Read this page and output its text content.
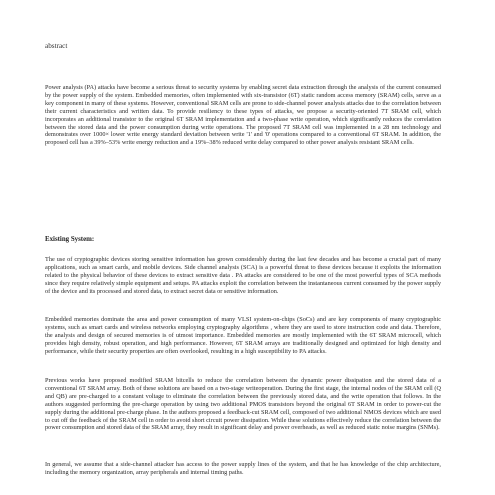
abstract

Power analysis (PA) attacks have become a serious threat to security systems by enabling secret data extraction through the analysis of the current consumed by the power supply of the system. Embedded memories, often implemented with six-transistor (6T) static random access memory (SRAM) cells, serve as a key component in many of these systems. However, conventional SRAM cells are prone to side-channel power analysis attacks due to the correlation between their current characteristics and written data. To provide resiliency to these types of attacks, we propose a security-oriented 7T SRAM cell, which incorporates an additional transistor to the original 6T SRAM implementation and a two-phase write operation, which significantly reduces the correlation between the stored data and the power consumption during write operations. The proposed 7T SRAM cell was implemented in a 28 nm technology and demonstrates over 1000× lower write energy standard deviation between write '1' and '0' operations compared to a conventional 6T SRAM. In addition, the proposed cell has a 39%–53% write energy reduction and a 19%–38% reduced write delay compared to other power analysis resistant SRAM cells.

Existing System:

The use of cryptographic devices storing sensitive information has grown considerably during the last few decades and has become a crucial part of many applications, such as smart cards, and mobile devices. Side channel analysis (SCA) is a powerful threat to these devices because it exploits the information related to the physical behavior of these devices to extract sensitive data . PA attacks are considered to be one of the most powerful types of SCA methods since they require relatively simple equipment and setups. PA attacks exploit the correlation between the instantaneous current consumed by the power supply of the device and its processed and stored data, to extract secret data or sensitive information.

Embedded memories dominate the area and power consumption of many VLSI system-on-chips (SoCs) and are key components of many cryptographic systems, such as smart cards and wireless networks employing cryptography algorithms , where they are used to store instruction code and data. Therefore, the analysis and design of secured memories is of utmost importance. Embedded memories are mostly implemented with the 6T SRAM microcell, which provides high density, robust operation, and high performance. However, 6T SRAM arrays are traditionally designed and optimized for high density and performance, while their security properties are often overlooked, resulting in a high susceptibility to PA attacks.

Previous works have proposed modified SRAM bitcells to reduce the correlation between the dynamic power dissipation and the stored data of a conventional 6T SRAM array. Both of these solutions are based on a two-stage writeoperation. During the first stage, the internal nodes of the SRAM cell (Q and QB) are pre-charged to a constant voltage to eliminate the correlation between the previously stored data, and the write operation that follows. In the authors suggested performing the pre-charge operation by using two additional PMOS transistors beyond the original 6T SRAM in order to power-cut the supply during the additional pre-charge phase. In the authors proposed a feedback-cut SRAM cell, composed of two additional NMOS devices which are used to cut off the feedback of the SRAM cell in order to avoid short circuit power dissipation. While these solutions effectively reduce the correlation between the power consumption and stored data of the SRAM array, they result in significant delay and power overheads, as well as reduced static noise margins (SNMs).

In general, we assume that a side-channel attacker has access to the power supply lines of the system, and that he has knowledge of the chip architecture, including the memory organization, array peripherals and internal timing paths.
